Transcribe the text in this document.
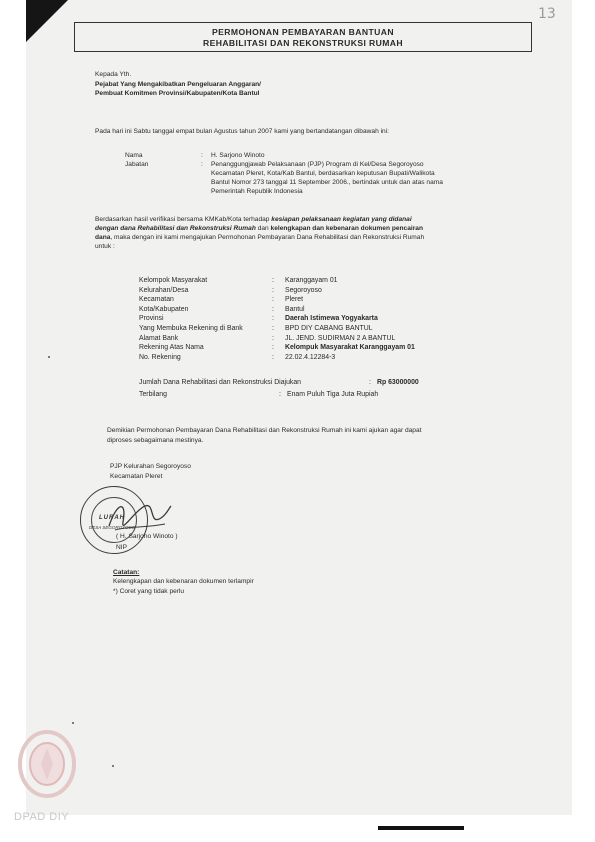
13
PERMOHONAN PEMBAYARAN BANTUAN
REHABILITASI DAN REKONSTRUKSI RUMAH
Kepada Yth.
Pejabat Yang Mengakibatkan Pengeluaran Anggaran/
Pembuat Komitmen Provinsi/Kabupaten/Kota Bantul
Pada hari ini Sabtu tanggal empat bulan Agustus tahun 2007 kami yang bertandatangan dibawah ini:
Nama	: H. Sarjono Winoto
Jabatan	: Penanggungjawab Pelaksanaan (PJP) Program di Kel/Desa Segoroyoso
Kecamatan Pleret, Kota/Kab Bantul, berdasarkan keputusan Bupati/Walikota
Bantul Nomor 273 tanggal 11 September 2006., bertindak untuk dan atas nama
Pemerintah Republik Indonesia
Berdasarkan hasil verifikasi bersama KMKab/Kota terhadap kesiapan pelaksanaan kegiatan yang didanai
dengan dana Rehabilitasi dan Rekonstruksi Rumah dan kelengkapan dan kebenaran dokumen pencairan
dana, maka dengan ini kami mengajukan Permohonan Pembayaran Dana Rehabilitasi dan Rekonstruksi Rumah
untuk :
Kelompok Masyarakat	: Karanggayam 01
Kelurahan/Desa	: Segoroyoso
Kecamatan	: Pleret
Kota/Kabupaten	: Bantul
Provinsi	: Daerah Istimewa Yogyakarta
Yang Membuka Rekening di Bank	: BPD DIY CABANG BANTUL
Alamat Bank	: JL. JEND. SUDIRMAN 2 A BANTUL
Rekening Atas Nama	: Kelompuk Masyarakat Karanggayam 01
No. Rekening	: 22.02.4.12284-3
Jumlah Dana Rehabilitasi dan Rekonstruksi Diajukan	: Rp 63000000
Terbilang	: Enam Puluh Tiga Juta Rupiah
Demikian Permohonan Pembayaran Dana Rehabilitasi dan Rekonstruksi Rumah ini kami ajukan agar dapat
diproses sebagaimana mestinya.
PJP Kelurahan Segoroyoso
Kecamatan Pleret
LURAH
DESA SEGOROYOSO
( H. Sarjono Winoto )
NIP
Catatan:
Kelengkapan dan kebenaran dokumen terlampir
*) Coret yang tidak perlu
DPAD DIY
